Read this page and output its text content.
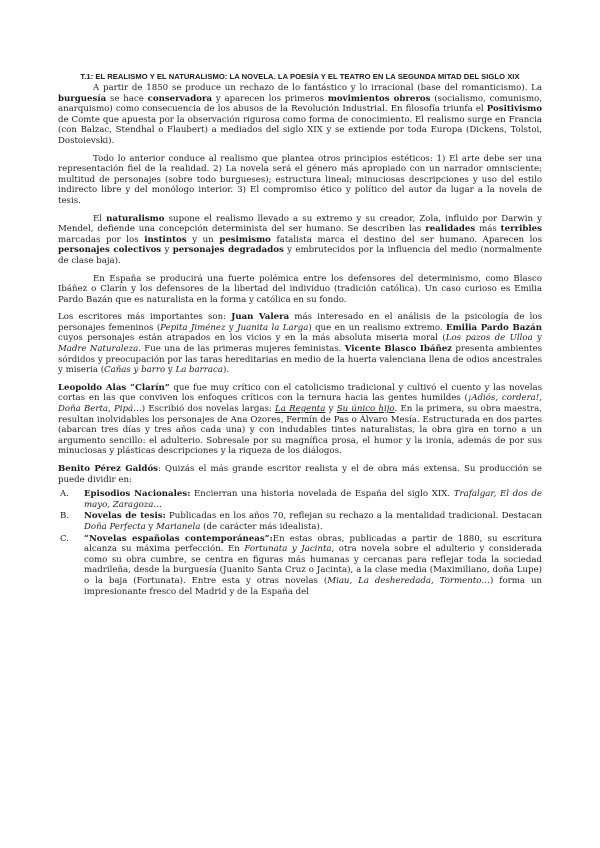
T.1: EL REALISMO Y EL NATURALISMO: LA NOVELA. LA POESÍA Y EL TEATRO EN LA SEGUNDA MITAD DEL SIGLO XIX

A partir de 1850 se produce un rechazo de lo fantástico y lo irracional (base del romanticismo). La burguesía se hace conservadora y aparecen los primeros movimientos obreros (socialismo, comunismo, anarquismo) como consecuencia de los abusos de la Revolución Industrial. En filosofía triunfa el Positivismo de Comte que apuesta por la observación rigurosa como forma de conocimiento. El realismo surge en Francia (con Balzac, Stendhal o Flaubert) a mediados del siglo XIX y se extiende por toda Europa (Dickens, Tolstoi, Dostoievski).

Todo lo anterior conduce al realismo que plantea otros principios estéticos: 1) El arte debe ser una representación fiel de la realidad. 2) La novela será el género más apropiado con un narrador omnisciente; multitud de personajes (sobre todo burgueses); estructura lineal; minuciosas descripciones y uso del estilo indirecto libre y del monólogo interior. 3) El compromiso ético y político del autor da lugar a la novela de tesis.

El naturalismo supone el realismo llevado a su extremo y su creador, Zola, influido por Darwin y Mendel, defiende una concepción determinista del ser humano. Se describen las realidades más terribles marcadas por los instintos y un pesimismo fatalista marca el destino del ser humano. Aparecen los personajes colectivos y personajes degradados y embrutecidos por la influencia del medio (normalmente de clase baja).

En España se producirá una fuerte polémica entre los defensores del determinismo, como Blasco Ibáñez o Clarín y los defensores de la libertad del individuo (tradición católica). Un caso curioso es Emilia Pardo Bazán que es naturalista en la forma y católica en su fondo.

Los escritores más importantes son: Juan Valera más interesado en el análisis de la psicología de los personajes femeninos (Pepita Jiménez y Juanita la Larga) que en un realismo extremo. Emilia Pardo Bazán cuyos personajes están atrapados en los vicios y en la más absoluta miseria moral (Los pazos de Ulloa y Madre Naturaleza. Fue una de las primeras mujeres feministas. Vicente Blasco Ibáñez presenta ambientes sórdidos y preocupación por las taras hereditarias en medio de la huerta valenciana llena de odios ancestrales y miseria (Cañas y barro y La barraca).

Leopoldo Alas “Clarín” que fue muy crítico con el catolicismo tradicional y cultivó el cuento y las novelas cortas en las que conviven los enfoques críticos con la ternura hacia las gentes humildes (¡Adiós, cordera!, Doña Berta, Pipá…) Escribió dos novelas largas: La Regenta y Su único hijo. En la primera, su obra maestra, resultan inolvidables los personajes de Ana Ozores, Fermín de Pas o Álvaro Mesía. Estructurada en dos partes (abarcan tres días y tres años cada una) y con indudables tintes naturalistas, la obra gira en torno a un argumento sencillo: el adulterio. Sobresale por su magnífica prosa, el humor y la ironía, además de por sus minuciosas y plásticas descripciones y la riqueza de los diálogos.

Benito Pérez Galdós: Quizás el más grande escritor realista y el de obra más extensa. Su producción se puede dividir en:

A. Episodios Nacionales: Encierran una historia novelada de España del siglo XIX. Trafalgar, El dos de mayo, Zaragoza…
B. Novelas de tesis: Publicadas en los años 70, reflejan su rechazo a la mentalidad tradicional. Destacan Doña Perfecta y Marianela (de carácter más idealista).
C. “Novelas españolas contemporáneas”:En estas obras, publicadas a partir de 1880, su escritura alcanza su máxima perfección. En Fortunata y Jacinta, otra novela sobre el adulterio y considerada como su obra cumbre, se centra en figuras más humanas y cercanas para reflejar toda la sociedad madrileña, desde la burguesía (Juanito Santa Cruz o Jacinta), a la clase media (Maximiliano, doña Lupe) o la baja (Fortunata). Entre esta y otras novelas (Miau, La desheredada, Tormento…) forma un impresionante fresco del Madrid y de la España del
